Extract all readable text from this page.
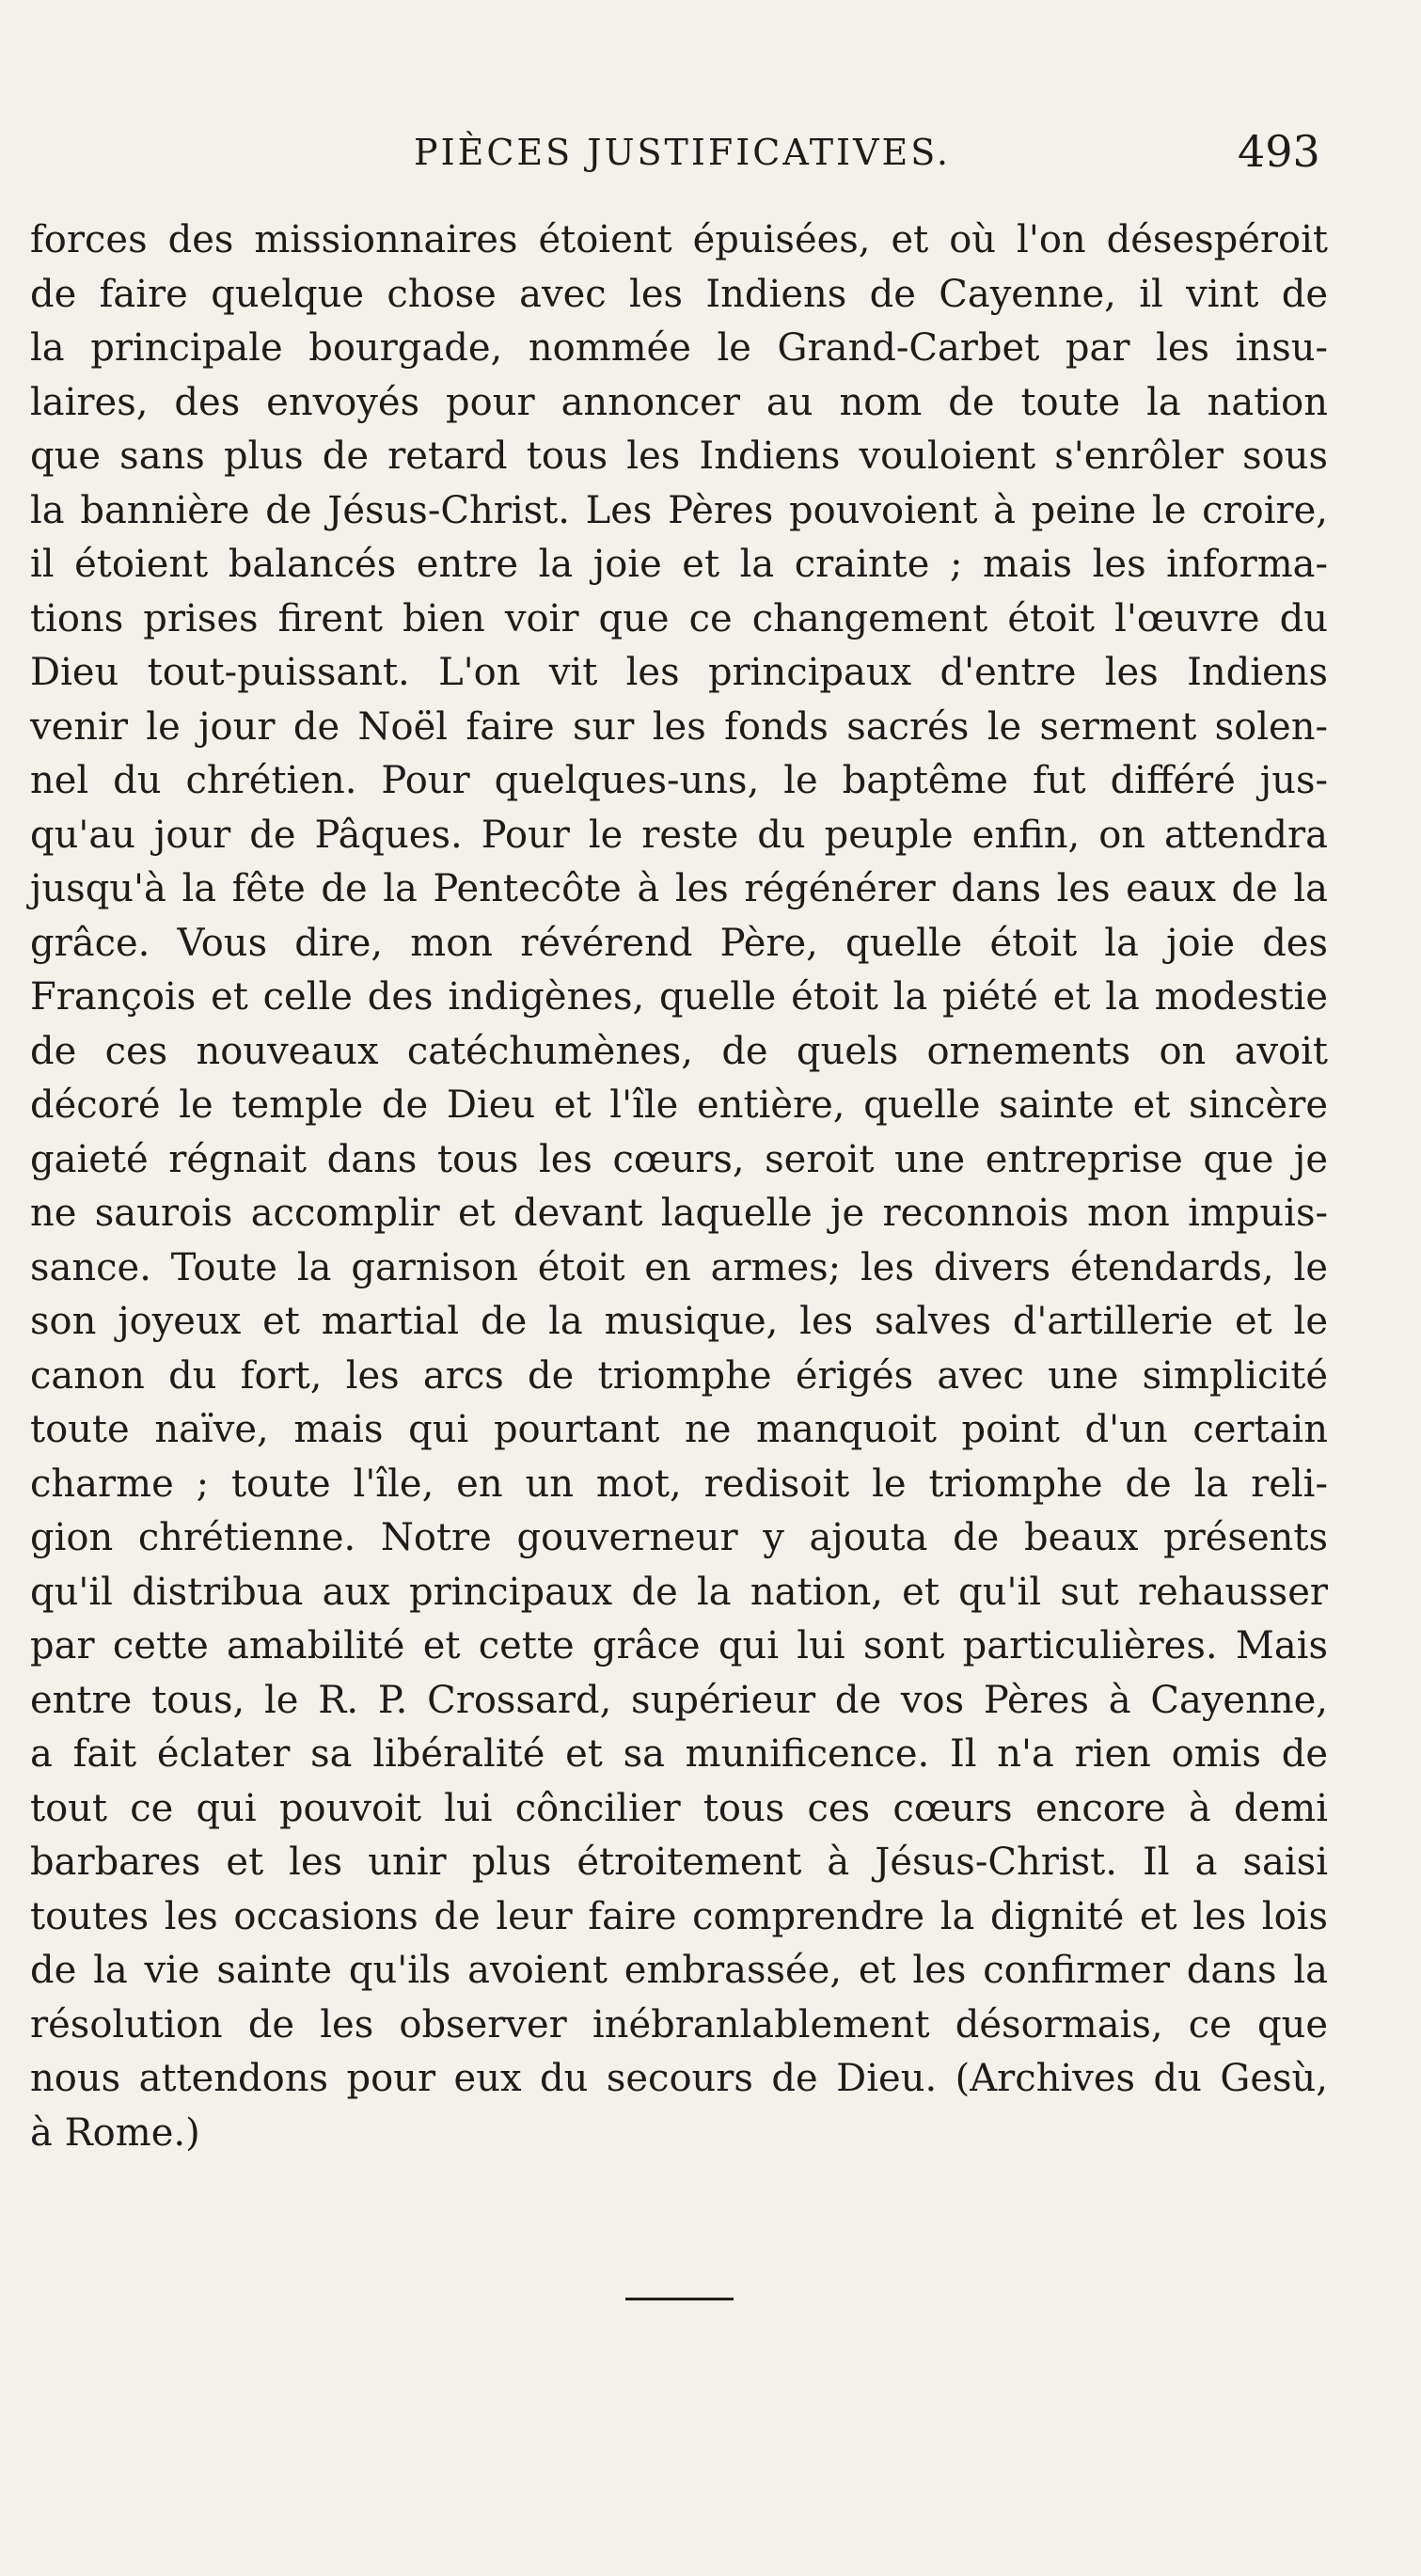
PIÈCES JUSTIFICATIVES.	493
forces des missionnaires étoient épuisées, et où l'on désespéroit
de faire quelque chose avec les Indiens de Cayenne, il vint de
la principale bourgade, nommée le Grand-Carbet par les insu-
laires, des envoyés pour annoncer au nom de toute la nation
que sans plus de retard tous les Indiens vouloient s'enrôler sous
la bannière de Jésus-Christ. Les Pères pouvoient à peine le croire,
il étoient balancés entre la joie et la crainte ; mais les informa-
tions prises firent bien voir que ce changement étoit l'œuvre du
Dieu tout-puissant. L'on vit les principaux d'entre les Indiens
venir le jour de Noël faire sur les fonds sacrés le serment solen-
nel du chrétien. Pour quelques-uns, le baptême fut différé jus-
qu'au jour de Pâques. Pour le reste du peuple enfin, on attendra
jusqu'à la fête de la Pentecôte à les régénérer dans les eaux de la
grâce. Vous dire, mon révérend Père, quelle étoit la joie des
François et celle des indigènes, quelle étoit la piété et la modestie
de ces nouveaux catéchumènes, de quels ornements on avoit
décoré le temple de Dieu et l'île entière, quelle sainte et sincère
gaieté régnait dans tous les cœurs, seroit une entreprise que je
ne saurois accomplir et devant laquelle je reconnois mon impuis-
sance. Toute la garnison étoit en armes; les divers étendards, le
son joyeux et martial de la musique, les salves d'artillerie et le
canon du fort, les arcs de triomphe érigés avec une simplicité
toute naïve, mais qui pourtant ne manquoit point d'un certain
charme ; toute l'île, en un mot, redisoit le triomphe de la reli-
gion chrétienne. Notre gouverneur y ajouta de beaux présents
qu'il distribua aux principaux de la nation, et qu'il sut rehausser
par cette amabilité et cette grâce qui lui sont particulières. Mais
entre tous, le R. P. Crossard, supérieur de vos Pères à Cayenne,
a fait éclater sa libéralité et sa munificence. Il n'a rien omis de
tout ce qui pouvoit lui côncilier tous ces cœurs encore à demi
barbares et les unir plus étroitement à Jésus-Christ. Il a saisi
toutes les occasions de leur faire comprendre la dignité et les lois
de la vie sainte qu'ils avoient embrassée, et les confirmer dans la
résolution de les observer inébranlablement désormais, ce que
nous attendons pour eux du secours de Dieu. (Archives du Gesù,
à Rome.)
